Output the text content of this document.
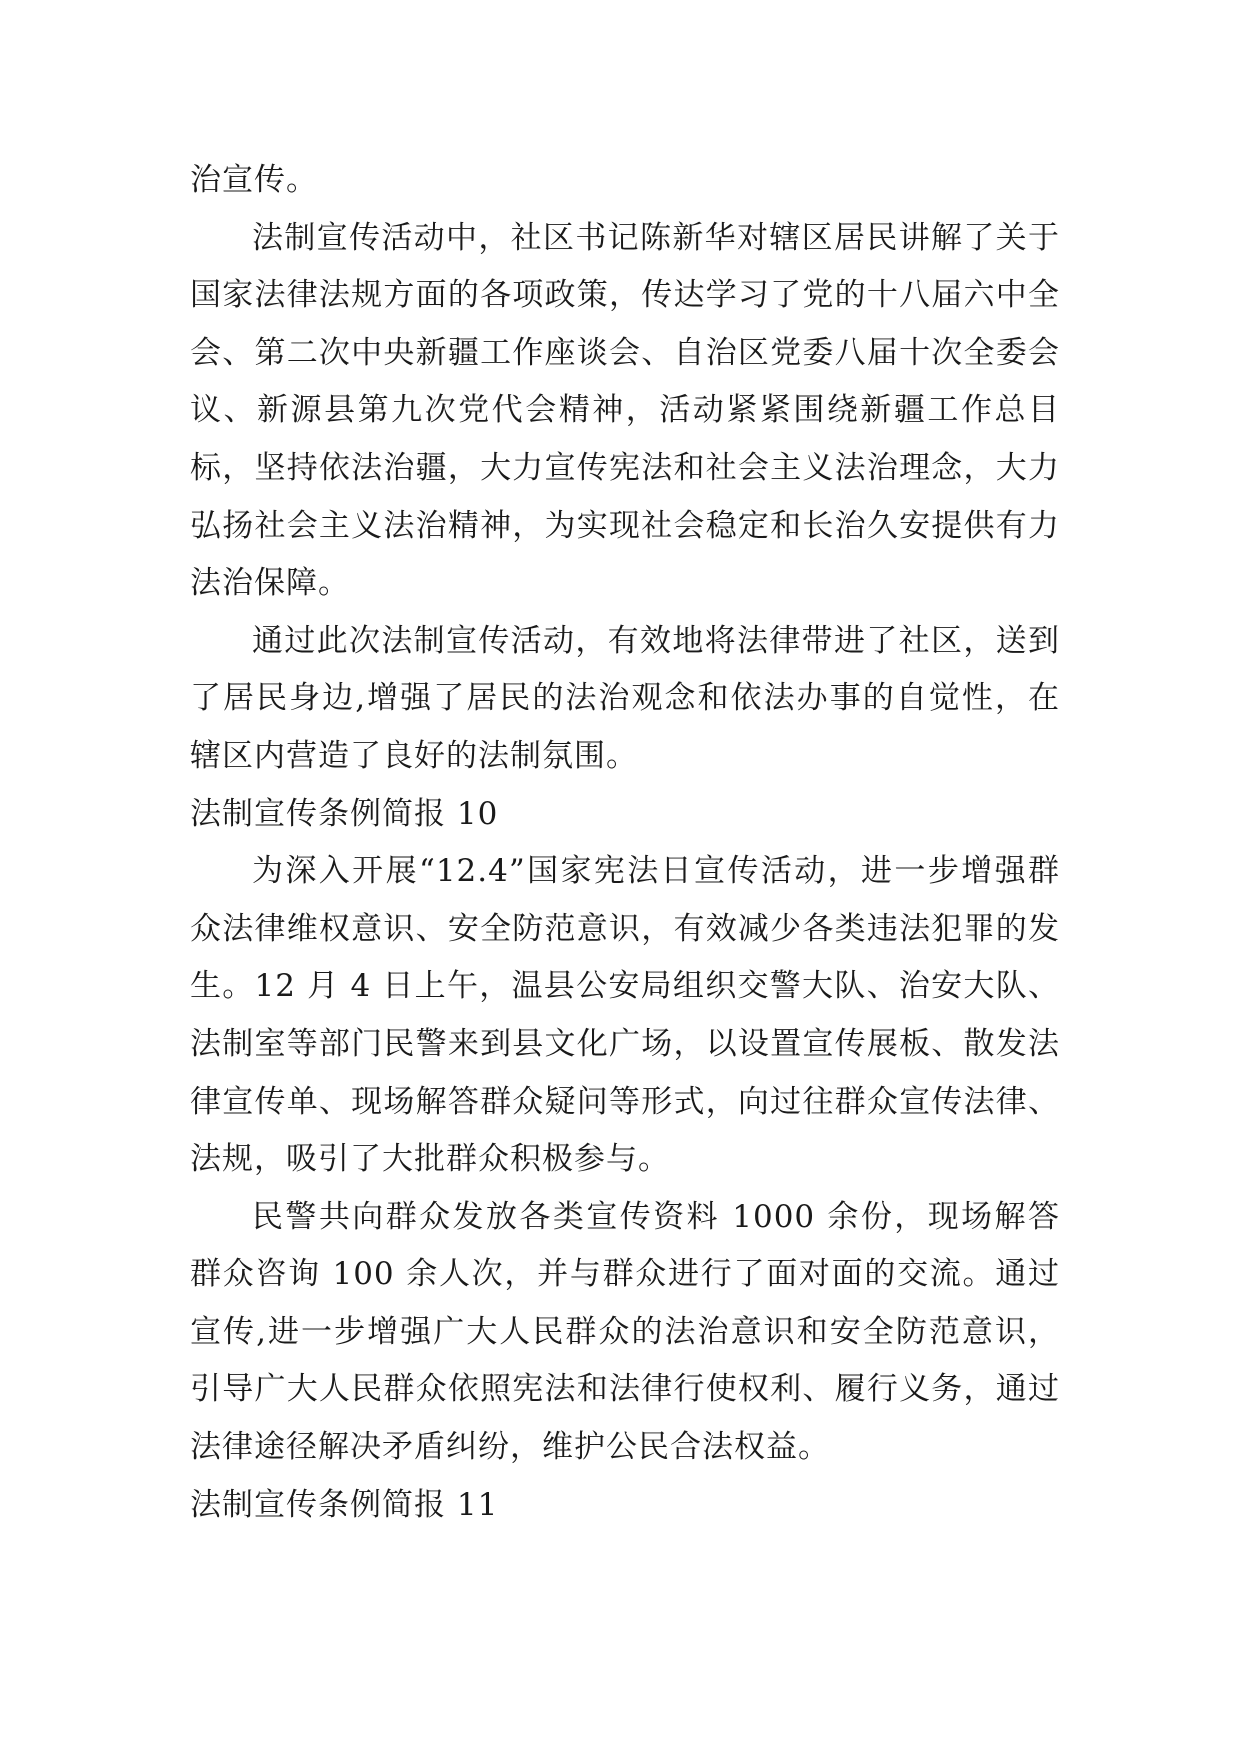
治宣传。

法制宣传活动中，社区书记陈新华对辖区居民讲解了关于国家法律法规方面的各项政策，传达学习了党的十八届六中全会、第二次中央新疆工作座谈会、自治区党委八届十次全委会议、新源县第九次党代会精神，活动紧紧围绕新疆工作总目标，坚持依法治疆，大力宣传宪法和社会主义法治理念，大力弘扬社会主义法治精神，为实现社会稳定和长治久安提供有力法治保障。

通过此次法制宣传活动，有效地将法律带进了社区，送到了居民身边,增强了居民的法治观念和依法办事的自觉性，在辖区内营造了良好的法制氛围。

法制宣传条例简报 10

为深入开展“12.4”国家宪法日宣传活动，进一步增强群众法律维权意识、安全防范意识，有效减少各类违法犯罪的发生。12 月 4 日上午，温县公安局组织交警大队、治安大队、法制室等部门民警来到县文化广场，以设置宣传展板、散发法律宣传单、现场解答群众疑问等形式，向过往群众宣传法律、法规，吸引了大批群众积极参与。

民警共向群众发放各类宣传资料 1000 余份，现场解答群众咨询 100 余人次，并与群众进行了面对面的交流。通过宣传,进一步增强广大人民群众的法治意识和安全防范意识，引导广大人民群众依照宪法和法律行使权利、履行义务，通过法律途径解决矛盾纠纷，维护公民合法权益。

法制宣传条例简报 11
